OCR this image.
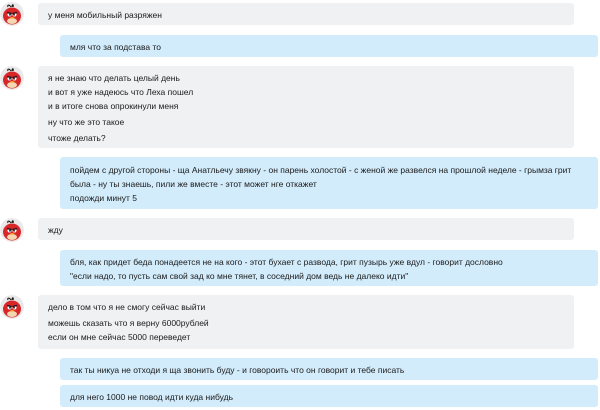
у меня мобильный разряжен
мля что за подстава то
я не знаю что делать целый день
и вот я уже надеюсь что Леха пошел
и в итоге снова опрокинули меня
ну что же это такое
чтоже делать?
пойдем с другой стороны - ща Анатльечу звякну - он парень холостой - с женой же развелся на прошлой неделе - грымза грит
была - ну ты знаешь, пили же вместе - этот может нге откажет
подожди минут 5
жду
бля, как придет беда понадеется не на кого - этот бухает с развода, грит пузырь уже вдул - говорит дословно
"если надо, то пусть сам свой зад ко мне тянет, в соседний дом ведь не далеко идти"
дело в том что я не смогу сейчас выйти
можешь сказать что я верну 6000рублей
если он мне сейчас 5000 переведет
так ты никуа не отходи я ща звонить буду - и говороить что он говорит и тебе писать
для него 1000 не повод идти куда нибудь
